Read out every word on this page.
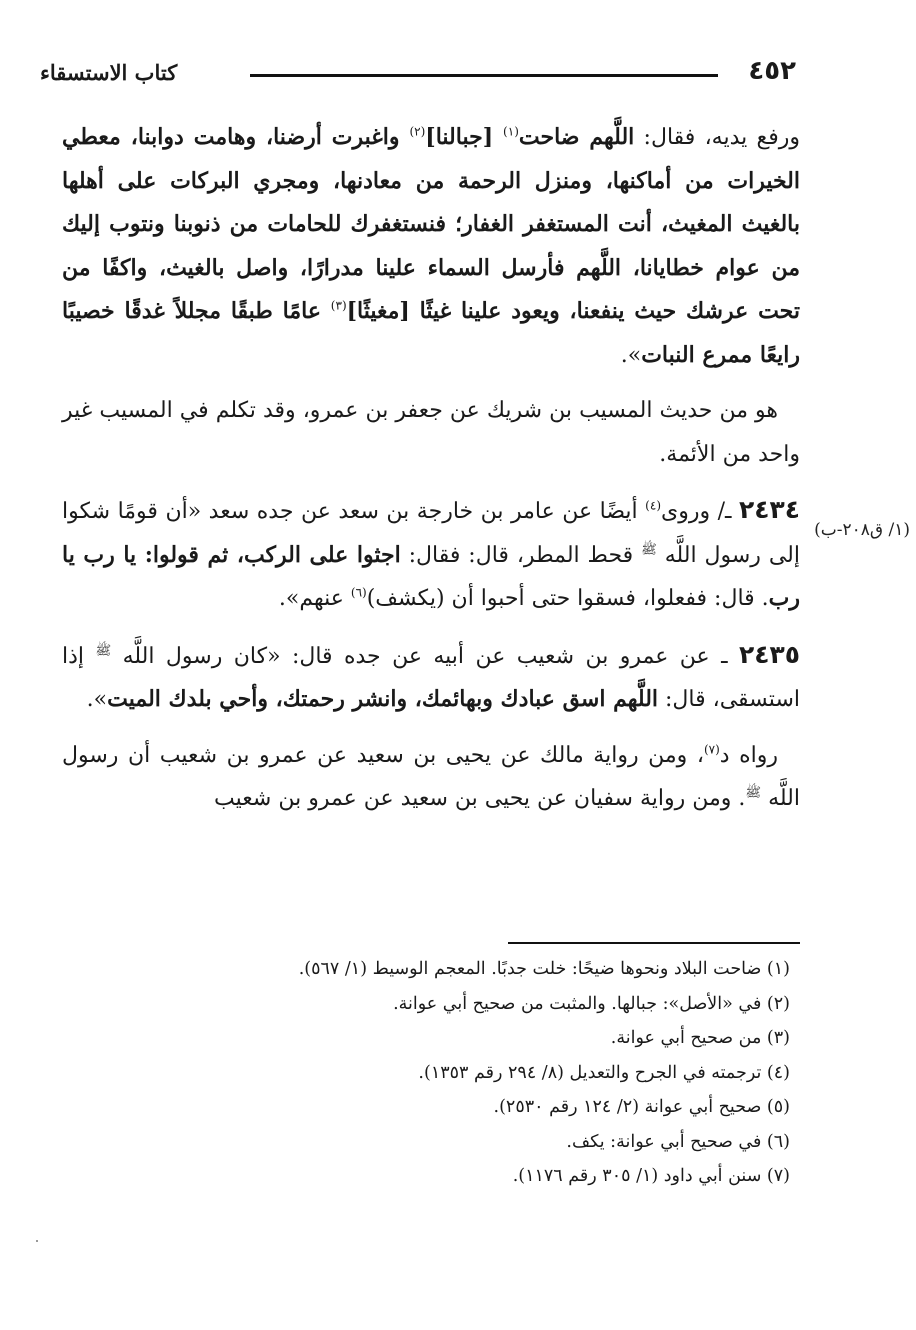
٤٥٢
كتاب الاستسقاء
(١/ ق٢٠٨-ب)

ورفع يديه، فقال: اللَّهم ضاحت$^{(١)}$ [جبالنا]$^{(٢)}$ واغبرت أرضنا، وهامت دوابنا، معطي الخيرات من أماكنها، ومنزل الرحمة من معادنها، ومجري البركات على أهلها بالغيث المغيث، أنت المستغفر الغفار؛ فنستغفرك للحامات من ذنوبنا ونتوب إليك من عوام خطايانا، اللَّهم فأرسل السماء علينا مدرارًا، واصل بالغيث، واكفًا من تحت عرشك حيث ينفعنا، ويعود علينا غيثًا [مغيثًا]$^{(٣)}$ عامًا طبقًا مجللاً غدقًا خصيبًا رايعًا ممرع النبات».

هو من حديث المسيب بن شريك عن جعفر بن عمرو، وقد تكلم في المسيب غير واحد من الأئمة.

٢٤٣٤ ـ/ وروى$^{(٤)}$ أيضًا عن عامر بن خارجة بن سعد عن جده سعد «أن قومًا شكوا إلى رسول اللَّه $^ﷺ$ قحط المطر، قال: فقال: اجثوا على الركب، ثم قولوا: يا رب يا رب. قال: ففعلوا، فسقوا حتى أحبوا أن (يكشف)$^{(٦)}$ عنهم».

٢٤٣٥ ـ عن عمرو بن شعيب عن أبيه عن جده قال: «كان رسول اللَّه $^ﷺ$ إذا استسقى، قال: اللَّهم اسق عبادك وبهائمك، وانشر رحمتك، وأحي بلدك الميت».

رواه د$^{(٧)}$، ومن رواية مالك عن يحيى بن سعيد عن عمرو بن شعيب أن رسول اللَّه $^ﷺ$. ومن رواية سفيان عن يحيى بن سعيد عن عمرو بن شعيب

(١) ضاحت البلاد ونحوها ضيحًا: خلت جدبًا. المعجم الوسيط (١/ ٥٦٧).
(٢) في «الأصل»: جبالها. والمثبت من صحيح أبي عوانة.
(٣) من صحيح أبي عوانة.
(٤) ترجمته في الجرح والتعديل (٨/ ٢٩٤ رقم ١٣٥٣).
(٥) صحيح أبي عوانة (٢/ ١٢٤ رقم ٢٥٣٠).
(٦) في صحيح أبي عوانة: يكف.
(٧) سنن أبي داود (١/ ٣٠٥ رقم ١١٧٦).
